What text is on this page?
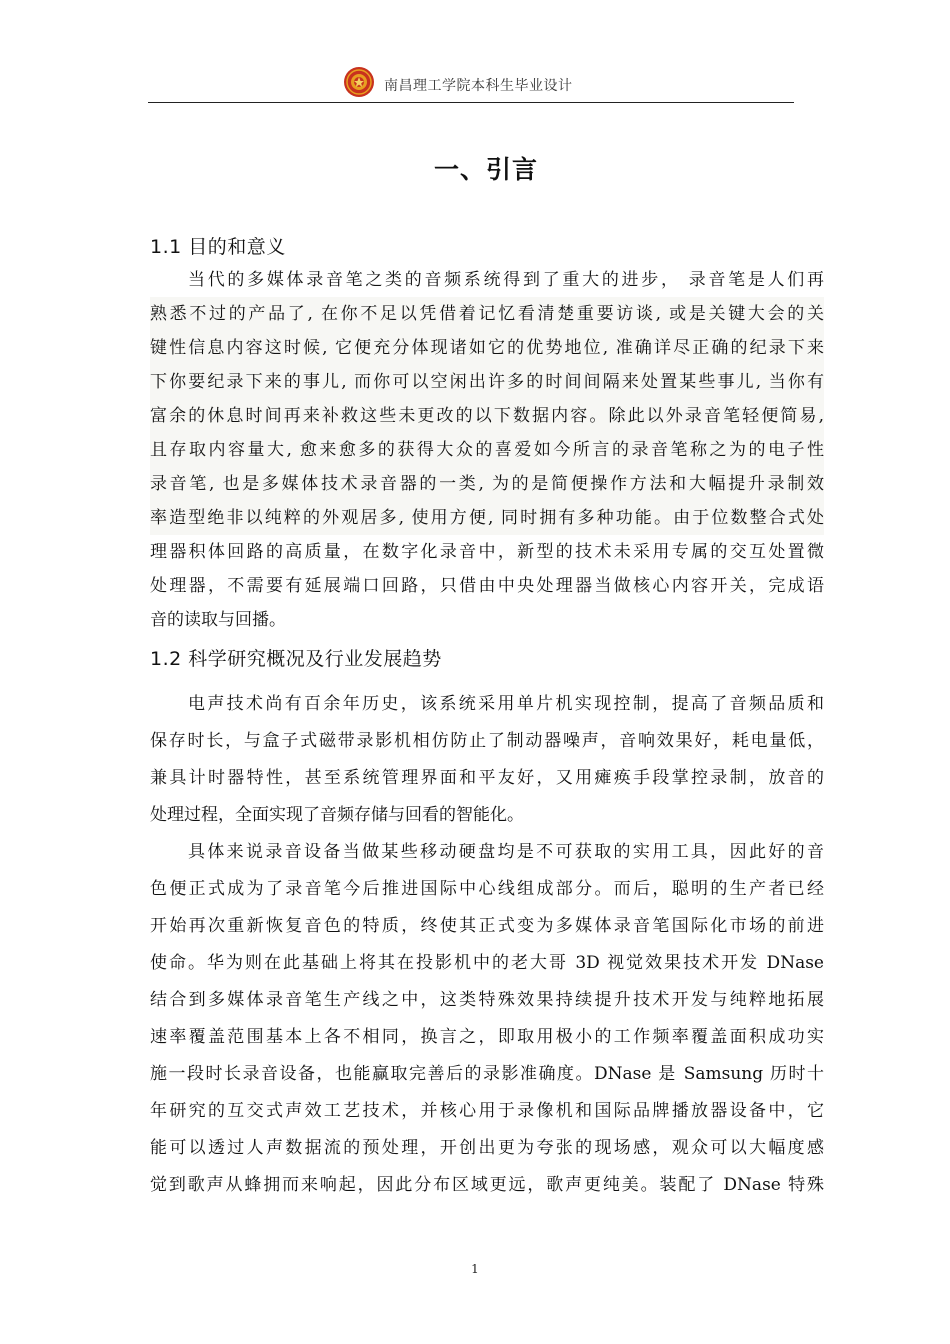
南昌理工学院本科生毕业设计
一、引言
1.1 目的和意义
当代的多媒体录音笔之类的音频系统得到了重大的进步， 录音笔是人们再
熟悉不过的产品了, 在你不足以凭借着记忆看清楚重要访谈, 或是关键大会的关
键性信息内容这时候, 它便充分体现诸如它的优势地位, 准确详尽正确的纪录下来
下你要纪录下来的事儿, 而你可以空闲出许多的时间间隔来处置某些事儿, 当你有
富余的休息时间再来补救这些未更改的以下数据内容。除此以外录音笔轻便简易,
且存取内容量大, 愈来愈多的获得大众的喜爱如今所言的录音笔称之为的电子性
录音笔, 也是多媒体技术录音器的一类, 为的是简便操作方法和大幅提升录制效
率造型绝非以纯粹的外观居多, 使用方便, 同时拥有多种功能。由于位数整合式处
理器积体回路的高质量，在数字化录音中，新型的技术未采用专属的交互处置微
处理器，不需要有延展端口回路，只借由中央处理器当做核心内容开关，完成语
音的读取与回播。
1.2 科学研究概况及行业发展趋势
电声技术尚有百余年历史，该系统采用单片机实现控制，提高了音频品质和
保存时长，与盒子式磁带录影机相仿防止了制动器噪声，音响效果好，耗电量低，
兼具计时器特性，甚至系统管理界面和平友好，又用瘫痪手段掌控录制，放音的
处理过程，全面实现了音频存储与回看的智能化。
具体来说录音设备当做某些移动硬盘均是不可获取的实用工具，因此好的音
色便正式成为了录音笔今后推进国际中心线组成部分。而后，聪明的生产者已经
开始再次重新恢复音色的特质，终使其正式变为多媒体录音笔国际化市场的前进
使命。华为则在此基础上将其在投影机中的老大哥 3D 视觉效果技术开发 DNase
结合到多媒体录音笔生产线之中，这类特殊效果持续提升技术开发与纯粹地拓展
速率覆盖范围基本上各不相同，换言之，即取用极小的工作频率覆盖面积成功实
施一段时长录音设备，也能赢取完善后的录影准确度。DNase 是 Samsung 历时十
年研究的互交式声效工艺技术，并核心用于录像机和国际品牌播放器设备中，它
能可以透过人声数据流的预处理，开创出更为夸张的现场感，观众可以大幅度感
觉到歌声从蜂拥而来响起，因此分布区域更远，歌声更纯美。装配了 DNase 特殊
1
